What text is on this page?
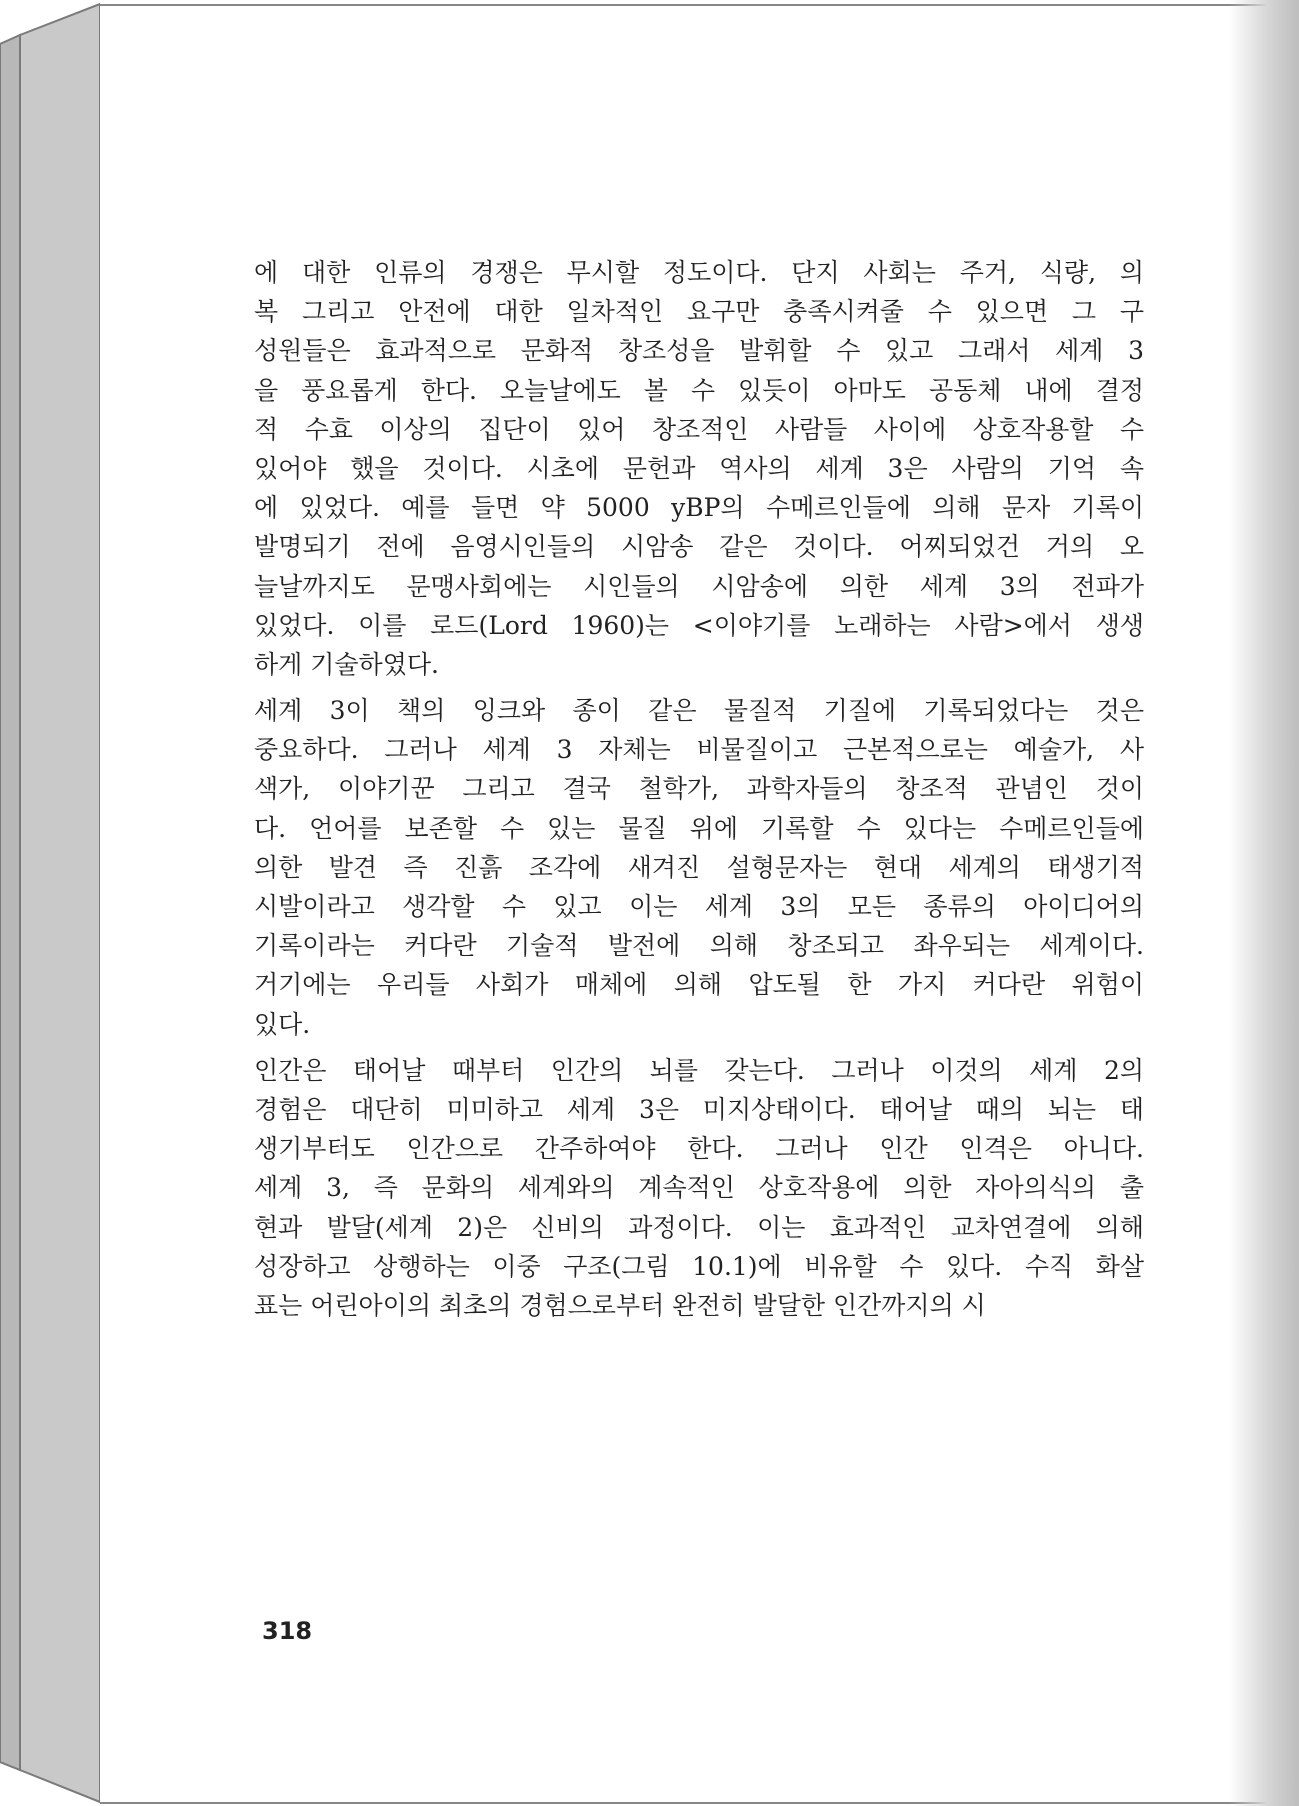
에 대한 인류의 경쟁은 무시할 정도이다. 단지 사회는 주거, 식량, 의
복 그리고 안전에 대한 일차적인 요구만 충족시켜줄 수 있으면 그 구
성원들은 효과적으로 문화적 창조성을 발휘할 수 있고 그래서 세계 3
을 풍요롭게 한다. 오늘날에도 볼 수 있듯이 아마도 공동체 내에 결정
적 수효 이상의 집단이 있어 창조적인 사람들 사이에 상호작용할 수
있어야 했을 것이다. 시초에 문헌과 역사의 세계 3은 사람의 기억 속
에 있었다. 예를 들면 약 5000 yBP의 수메르인들에 의해 문자 기록이
발명되기 전에 음영시인들의 시암송 같은 것이다. 어찌되었건 거의 오
늘날까지도 문맹사회에는 시인들의 시암송에 의한 세계 3의 전파가
있었다. 이를 로드(Lord 1960)는 <이야기를 노래하는 사람>에서 생생
하게 기술하였다.
세계 3이 책의 잉크와 종이 같은 물질적 기질에 기록되었다는 것은
중요하다. 그러나 세계 3 자체는 비물질이고 근본적으로는 예술가, 사
색가, 이야기꾼 그리고 결국 철학가, 과학자들의 창조적 관념인 것이
다. 언어를 보존할 수 있는 물질 위에 기록할 수 있다는 수메르인들에
의한 발견 즉 진흙 조각에 새겨진 설형문자는 현대 세계의 태생기적
시발이라고 생각할 수 있고 이는 세계 3의 모든 종류의 아이디어의
기록이라는 커다란 기술적 발전에 의해 창조되고 좌우되는 세계이다.
거기에는 우리들 사회가 매체에 의해 압도될 한 가지 커다란 위험이
있다.
인간은 태어날 때부터 인간의 뇌를 갖는다. 그러나 이것의 세계 2의
경험은 대단히 미미하고 세계 3은 미지상태이다. 태어날 때의 뇌는 태
생기부터도 인간으로 간주하여야 한다. 그러나 인간 인격은 아니다.
세계 3, 즉 문화의 세계와의 계속적인 상호작용에 의한 자아의식의 출
현과 발달(세계 2)은 신비의 과정이다. 이는 효과적인 교차연결에 의해
성장하고 상행하는 이중 구조(그림 10.1)에 비유할 수 있다. 수직 화살
표는 어린아이의 최초의 경험으로부터 완전히 발달한 인간까지의 시
318
